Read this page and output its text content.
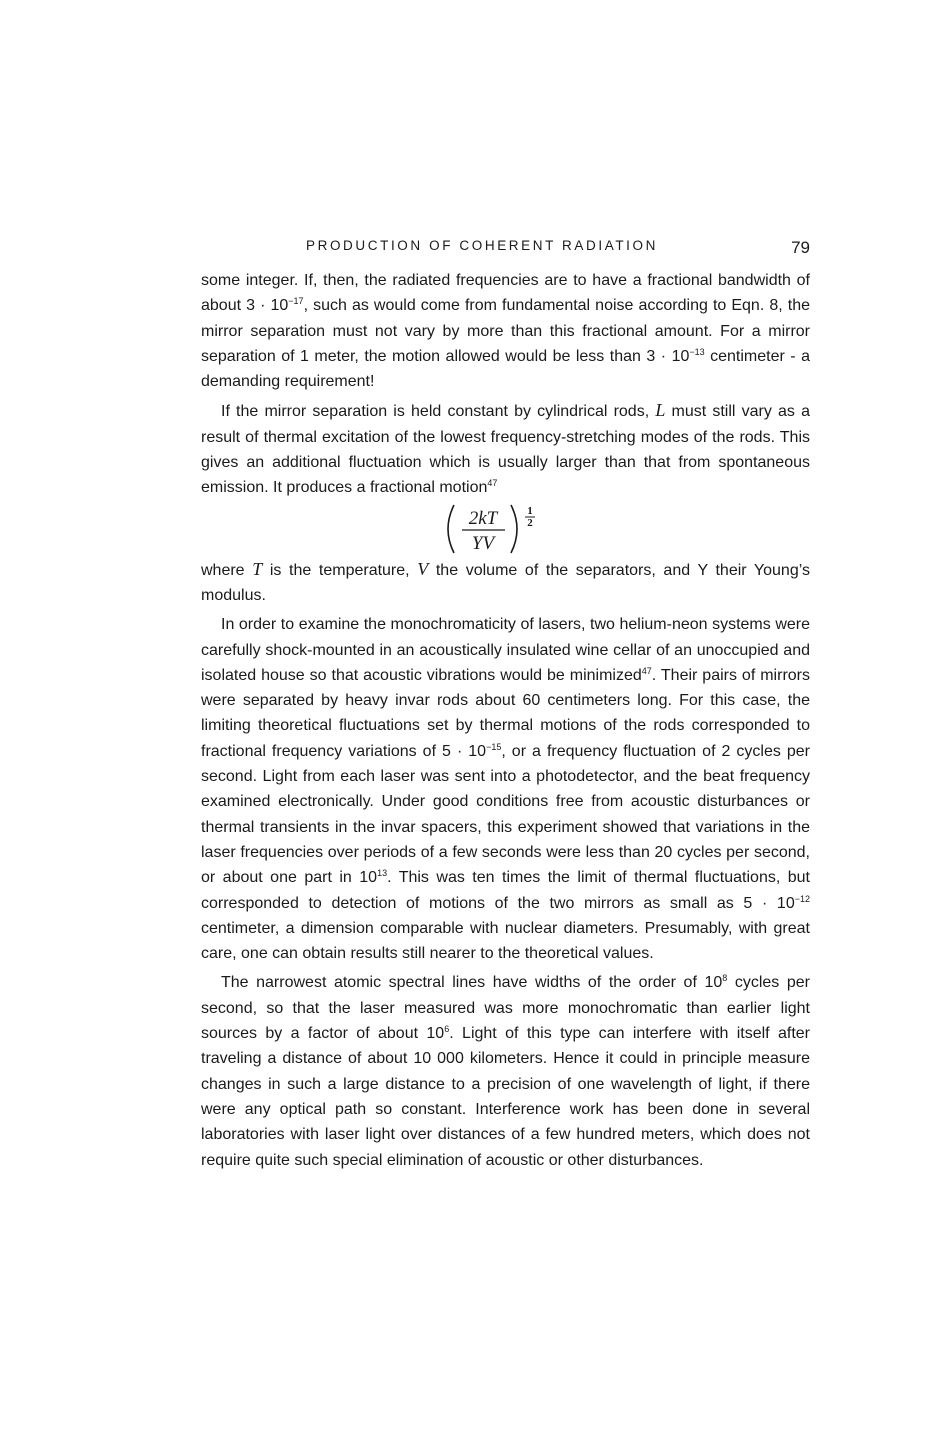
PRODUCTION OF COHERENT RADIATION	79

some integer. If, then, the radiated frequencies are to have a fractional bandwidth of about $3 \cdot 10^{-17}$, such as would come from fundamental noise according to Eqn. 8, the mirror separation must not vary by more than this fractional amount. For a mirror separation of 1 meter, the motion allowed would be less than $3 \cdot 10^{-13}$ centimeter - a demanding requirement!

If the mirror separation is held constant by cylindrical rods, L must still vary as a result of thermal excitation of the lowest frequency-stretching modes of the rods. This gives an additional fluctuation which is usually larger than that from spontaneous emission. It produces a fractional motion$^{47}$

2kT
YV
1
2

where T is the temperature, V the volume of the separators, and Y their Young’s modulus.

In order to examine the monochromaticity of lasers, two helium-neon systems were carefully shock-mounted in an acoustically insulated wine cellar of an unoccupied and isolated house so that acoustic vibrations would be minimized$^{47}$. Their pairs of mirrors were separated by heavy invar rods about 60 centimeters long. For this case, the limiting theoretical fluctuations set by thermal motions of the rods corresponded to fractional frequency variations of $5 \cdot 10^{-15}$, or a frequency fluctuation of 2 cycles per second. Light from each laser was sent into a photodetector, and the beat frequency examined electronically. Under good conditions free from acoustic disturbances or thermal transients in the invar spacers, this experiment showed that variations in the laser frequencies over periods of a few seconds were less than 20 cycles per second, or about one part in $10^{13}$. This was ten times the limit of thermal fluctuations, but corresponded to detection of motions of the two mirrors as small as $5 \cdot 10^{-12}$ centimeter, a dimension comparable with nuclear diameters. Presumably, with great care, one can obtain results still nearer to the theoretical values.

The narrowest atomic spectral lines have widths of the order of $10^8$ cycles per second, so that the laser measured was more monochromatic than earlier light sources by a factor of about $10^6$. Light of this type can interfere with itself after traveling a distance of about 10 000 kilometers. Hence it could in principle measure changes in such a large distance to a precision of one wavelength of light, if there were any optical path so constant. Interference work has been done in several laboratories with laser light over distances of a few hundred meters, which does not require quite such special elimination of acoustic or other disturbances.
